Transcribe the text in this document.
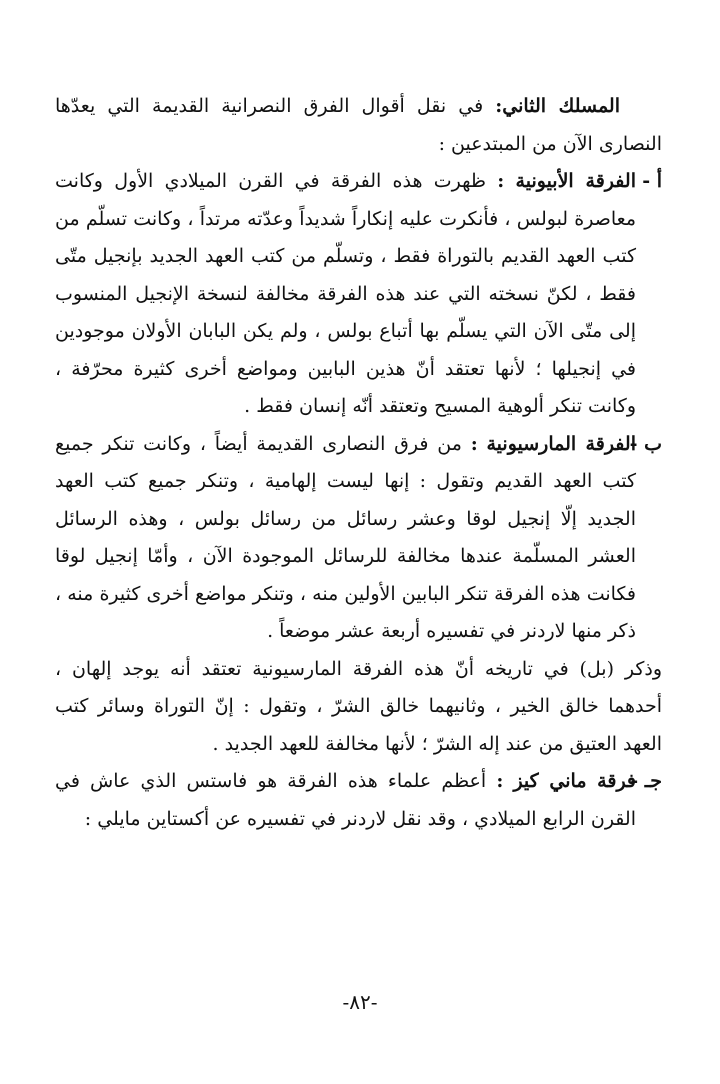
المسلك الثاني: في نقل أقوال الفرق النصرانية القديمة التي يعدّها النصارى الآن من المبتدعين :

أ -
الفرقة الأبيونية : ظهرت هذه الفرقة في القرن الميلادي الأول وكانت معاصرة لبولس ، فأنكرت عليه إنكاراً شديداً وعدّته مرتداً ، وكانت تسلّم من كتب العهد القديم بالتوراة فقط ، وتسلّم من كتب العهد الجديد بإنجيل متّى فقط ، لكنّ نسخته التي عند هذه الفرقة مخالفة لنسخة الإنجيل المنسوب إلى متّى الآن التي يسلّم بها أتباع بولس ، ولم يكن البابان الأولان موجودين في إنجيلها ؛ لأنها تعتقد أنّ هذين البابين ومواضع أخرى كثيرة محرّفة ، وكانت تنكر ألوهية المسيح وتعتقد أنّه إنسان فقط .
ب -
الفرقة المارسيونية : من فرق النصارى القديمة أيضاً ، وكانت تنكر جميع كتب العهد القديم وتقول : إنها ليست إلهامية ، وتنكر جميع كتب العهد الجديد إلّا إنجيل لوقا وعشر رسائل من رسائل بولس ، وهذه الرسائل العشر المسلّمة عندها مخالفة للرسائل الموجودة الآن ، وأمّا إنجيل لوقا فكانت هذه الفرقة تنكر البابين الأولين منه ، وتنكر مواضع أخرى كثيرة منه ، ذكر منها لاردنر في تفسيره أربعة عشر موضعاً .

وذكر (بل) في تاريخه أنّ هذه الفرقة المارسيونية تعتقد أنه يوجد إلهان ، أحدهما خالق الخير ، وثانيهما خالق الشرّ ، وتقول : إنّ التوراة وسائر كتب العهد العتيق من عند إله الشرّ ؛ لأنها مخالفة للعهد الجديد .

جـ -
فرقة ماني كيز : أعظم علماء هذه الفرقة هو فاستس الذي عاش في القرن الرابع الميلادي ، وقد نقل لاردنر في تفسيره عن أكستاين مايلي :
-٨٢-
